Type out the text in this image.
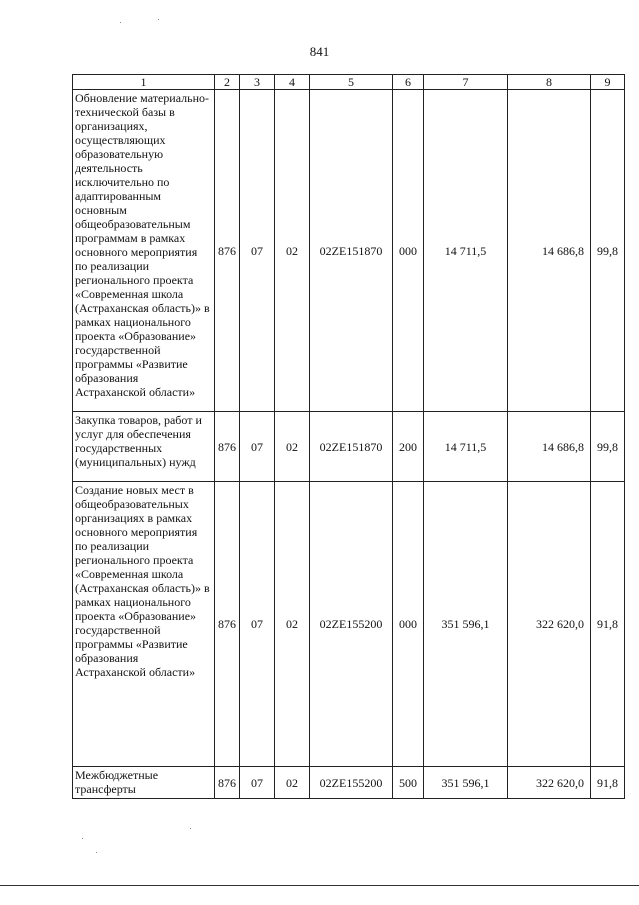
841
1	2	3	4	5	6	7	8	9
Обновление материально-технической базы в организациях, осуществляющих образовательную деятельность исключительно по адаптированным основным общеобразовательным программам в рамках основного мероприятия по реализации регионального проекта «Современная школа (Астраханская область)» в рамках национального проекта «Образование» государственной программы «Развитие образования Астраханской области»	876	07	02	02ZE151870	000	14 711,5	14 686,8	99,8
Закупка товаров, работ и услуг для обеспечения государственных (муниципальных) нужд	876	07	02	02ZE151870	200	14 711,5	14 686,8	99,8
Создание новых мест в общеобразовательных организациях в рамках основного мероприятия по реализации регионального проекта «Современная школа (Астраханская область)» в рамках национального проекта «Образование» государственной программы «Развитие образования Астраханской области»	876	07	02	02ZE155200	000	351 596,1	322 620,0	91,8
Межбюджетные трансферты	876	07	02	02ZE155200	500	351 596,1	322 620,0	91,8
